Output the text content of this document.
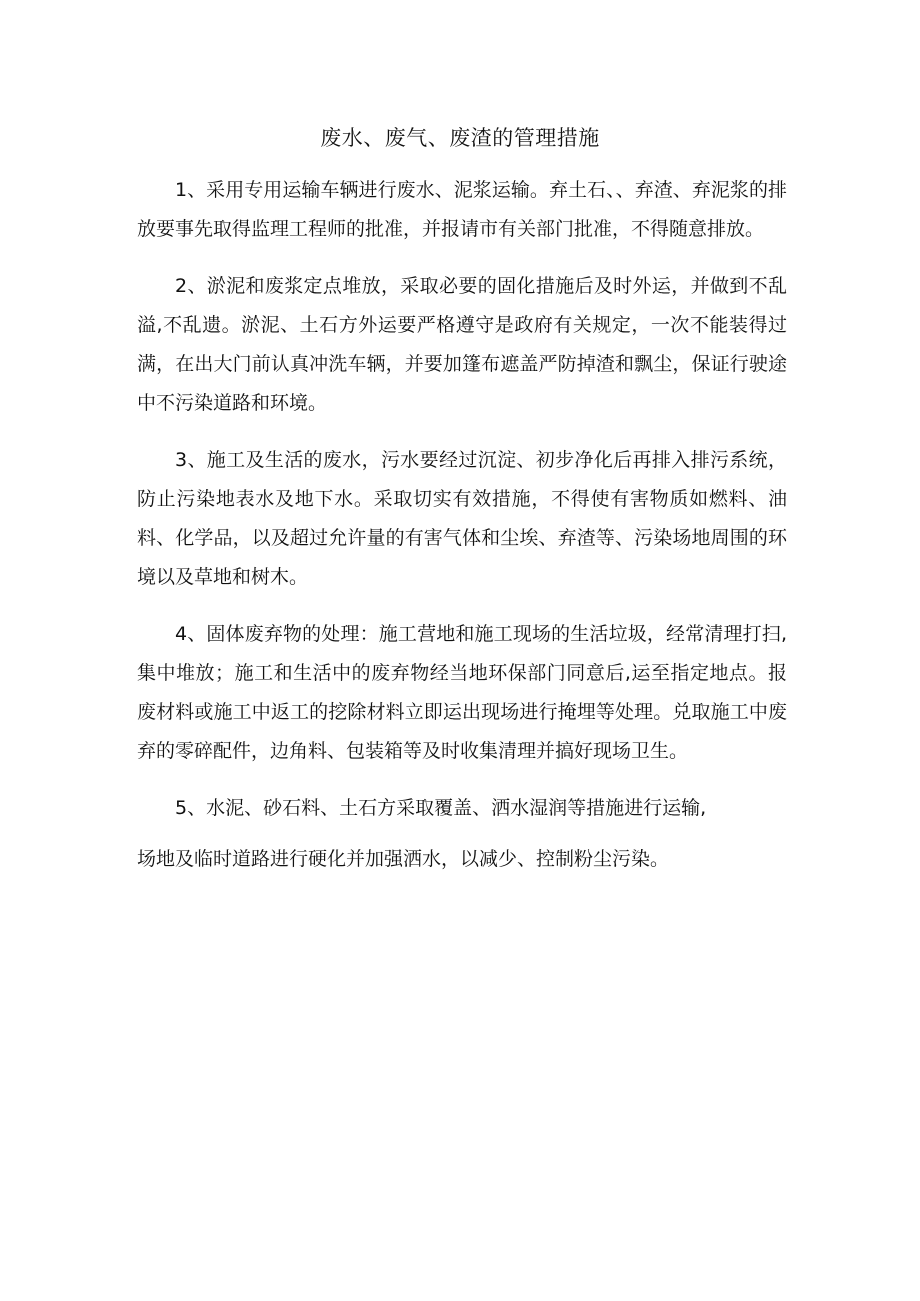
废水、废气、废渣的管理措施

1、采用专用运输车辆进行废水、泥浆运输。弃土石、、弃渣、弃泥浆的排放要事先取得监理工程师的批准，并报请市有关部门批准，不得随意排放。

2、淤泥和废浆定点堆放，采取必要的固化措施后及时外运，并做到不乱溢,不乱遗。淤泥、土石方外运要严格遵守是政府有关规定，一次不能装得过满，在出大门前认真冲洗车辆，并要加篷布遮盖严防掉渣和飘尘，保证行驶途中不污染道路和环境。

3、施工及生活的废水，污水要经过沉淀、初步净化后再排入排污系统，防止污染地表水及地下水。采取切实有效措施，不得使有害物质如燃料、油料、化学品，以及超过允许量的有害气体和尘埃、弃渣等、污染场地周围的环境以及草地和树木。

4、固体废弃物的处理：施工营地和施工现场的生活垃圾，经常清理打扫,集中堆放；施工和生活中的废弃物经当地环保部门同意后,运至指定地点。报废材料或施工中返工的挖除材料立即运出现场进行掩埋等处理。兑取施工中废弃的零碎配件，边角料、包装箱等及时收集清理并搞好现场卫生。

5、水泥、砂石料、土石方采取覆盖、洒水湿润等措施进行运输,
场地及临时道路进行硬化并加强洒水，以减少、控制粉尘污染。
